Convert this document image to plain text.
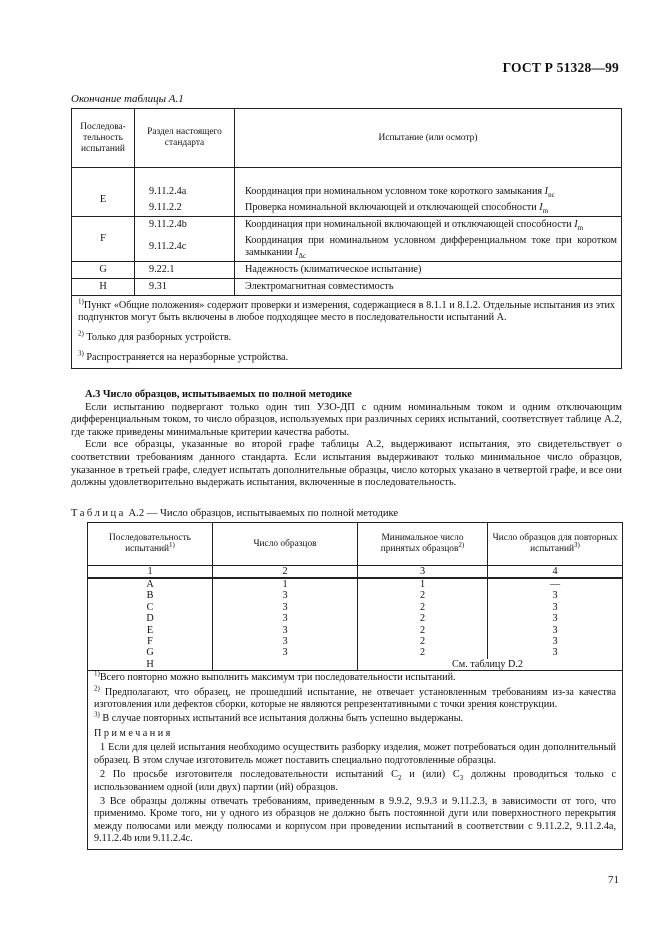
ГОСТ Р 51328—99
Окончание таблицы А.1
Последова-тельность испытаний	Раздел настоящего стандарта	Испытание (или осмотр)

E	9.11.2.4a	Координация при номинальном условном токе короткого замыкания $I_{nc}$
	9.11.2.2	Проверка номинальной включающей и отключающей способности $I_m$
F	9.11.2.4b	Координация при номинальной включающей и отключающей способности $I_m$
	9.11.2.4c	Координация при номинальном условном дифференциальном токе при коротком замыкании $I_{\Delta c}$
G	9.22.1	Надежность (климатическое испытание)
H	9.31	Электромагнитная совместимость
$^{1)}$Пункт «Общие положения» содержит проверки и измерения, содержащиеся в 8.1.1 и 8.1.2. Отдельные испытания из этих подпунктов могут быть включены в любое подходящее место в последовательности испытаний А.		
$^{2)}$ Только для разборных устройств.		
$^{3)}$ Распространяется на неразборные устройства.		
А.3 Число образцов, испытываемых по полной методике

Если испытанию подвергают только один тип УЗО-ДП с одним номинальным током и одним отключающим дифференциальным током, то число образцов, используемых при различных сериях испытаний, соответствует таблице А.2, где также приведены минимальные критерии качества работы.

Если все образцы, указанные во второй графе таблицы А.2, выдерживают испытания, это свидетельствует о соответствии требованиям данного стандарта. Если испытания выдерживают только минимальное число образцов, указанное в третьей графе, следует испытать дополнительные образцы, число которых указано в четвертой графе, и все они должны удовлетворительно выдержать испытания, включенные в последовательность.

Таблица А.2 — Число образцов, испытываемых по полной методике
Последовательность испытаний$^{1)}$	Число образцов	Минимальное число принятых образцов$^{2)}$	Число образцов для повторных испытаний$^{3)}$
1	2	3	4
A	1	1	—
B	3	2	3
C	3	2	3
D	3	2	3
E	3	2	3
F	3	2	3
G	3	2	3
H		См. таблицу D.2	
$^{1)}$Всего повторно можно выполнить максимум три последовательности испытаний.			
$^{2)}$ Предполагают, что образец, не прошедший испытание, не отвечает установленным требованиям из-за качества изготовления или дефектов сборки, которые не являются репрезентативными с точки зрения конструкции.			
$^{3)}$ В случае повторных испытаний все испытания должны быть успешно выдержаны.			
Примечания			

1 Если для целей испытания необходимо осуществить разборку изделия, может потребоваться один дополнительный образец. В этом случае изготовитель может поставить специально подготовленные образцы.			

2 По просьбе изготовителя последовательности испытаний $C_2$ и (или) $C_3$ должны проводиться только с использованием одной (или двух) партии (ий) образцов.			

3 Все образцы должны отвечать требованиям, приведенным в 9.9.2, 9.9.3 и 9.11.2.3, в зависимости от того, что применимо. Кроме того, ни у одного из образцов не должно быть постоянной дуги или поверхностного перекрытия между полюсами или между полюсами и корпусом при проведении испытаний в соответствии с 9.11.2.2, 9.11.2.4а, 9.11.2.4b или 9.11.2.4с.			
71
